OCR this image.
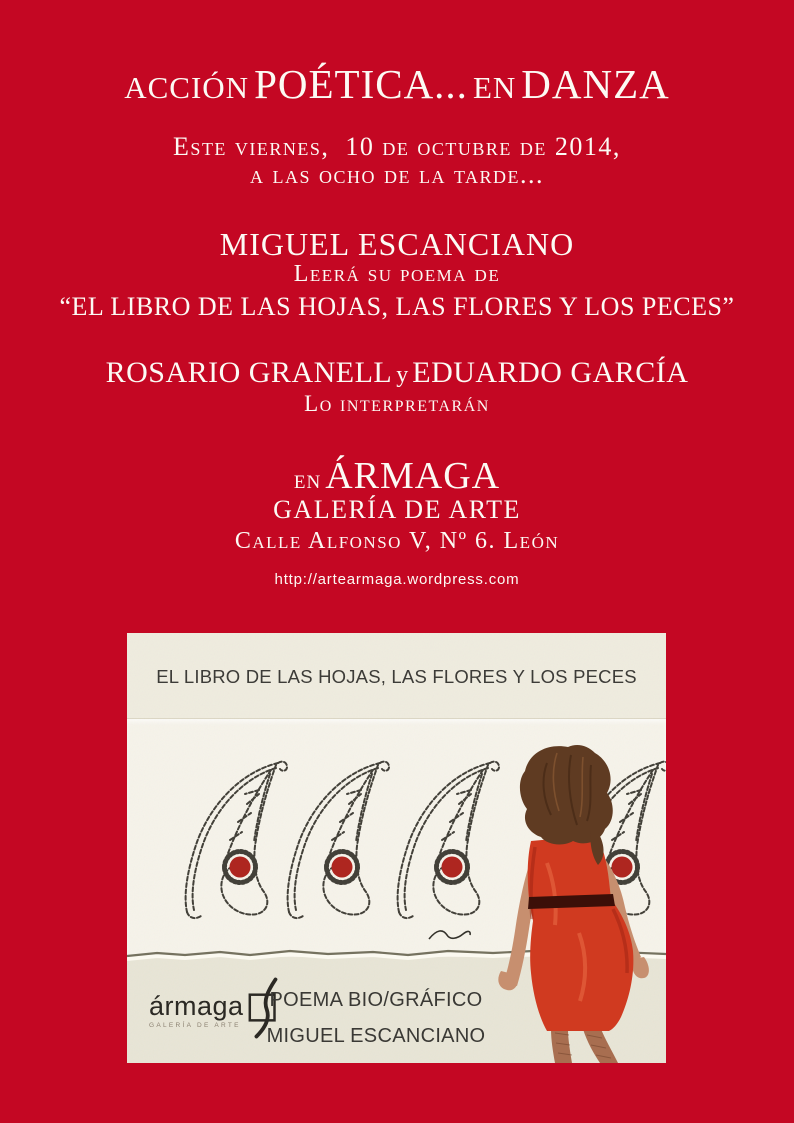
ACCIÓN POÉTICA... EN DANZA
Este viernes,  10 de octubre de 2014,
a las ocho de la tarde...
MIGUEL ESCANCIANO
Leerá su poema de
“EL LIBRO DE LAS HOJAS, LAS FLORES Y LOS PECES”
ROSARIO GRANELL y EDUARDO GARCÍA
Lo interpretarán
en ÁRMAGA
GALERÍA DE ARTE
Calle Alfonso V, Nº 6. León
http://artearmaga.wordpress.com
EL LIBRO DE LAS HOJAS, LAS FLORES Y LOS PECES
ármaga
GALERÍA DE ARTE
POEMA BIO/GRÁFICO
MIGUEL ESCANCIANO
